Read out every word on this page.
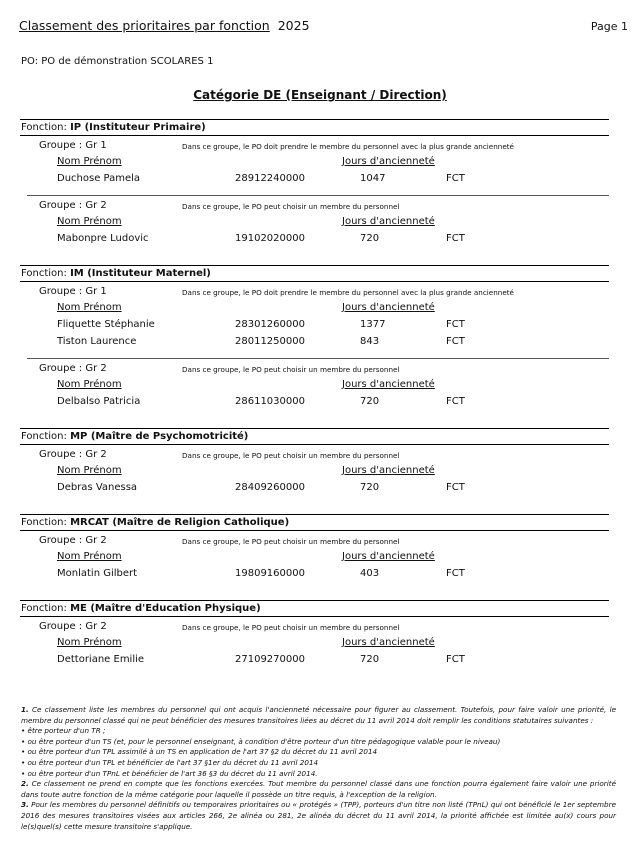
Classement des prioritaires par fonction 2025	Page 1
PO: PO de démonstration SCOLARES 1
Catégorie DE (Enseignant / Direction)
Fonction: IP (Instituteur Primaire)
Groupe : Gr 1	Dans ce groupe, le PO doit prendre le membre du personnel avec la plus grande ancienneté
Nom Prénom	Jours d'ancienneté
Duchose Pamela	28912240000	1047	FCT
Groupe : Gr 2	Dans ce groupe, le PO peut choisir un membre du personnel
Nom Prénom	Jours d'ancienneté
Mabonpre Ludovic	19102020000	720	FCT
Fonction: IM (Instituteur Maternel)
Groupe : Gr 1	Dans ce groupe, le PO doit prendre le membre du personnel avec la plus grande ancienneté
Nom Prénom	Jours d'ancienneté
Fliquette Stéphanie	28301260000	1377	FCT
Tiston Laurence	28011250000	843	FCT
Groupe : Gr 2	Dans ce groupe, le PO peut choisir un membre du personnel
Nom Prénom	Jours d'ancienneté
Delbalso Patricia	28611030000	720	FCT
Fonction: MP (Maître de Psychomotricité)
Groupe : Gr 2	Dans ce groupe, le PO peut choisir un membre du personnel
Nom Prénom	Jours d'ancienneté
Debras Vanessa	28409260000	720	FCT
Fonction: MRCAT (Maître de Religion Catholique)
Groupe : Gr 2	Dans ce groupe, le PO peut choisir un membre du personnel
Nom Prénom	Jours d'ancienneté
Monlatin Gilbert	19809160000	403	FCT
Fonction: ME (Maître d'Education Physique)
Groupe : Gr 2	Dans ce groupe, le PO peut choisir un membre du personnel
Nom Prénom	Jours d'ancienneté
Dettoriane Emilie	27109270000	720	FCT

1. Ce classement liste les membres du personnel qui ont acquis l'ancienneté nécessaire pour figurer au classement. Toutefois, pour faire valoir une priorité, le membre du personnel classé qui ne peut bénéficier des mesures transitoires liées au décret du 11 avril 2014 doit remplir les conditions statutaires suivantes :

• être porteur d'un TR ;

• ou être porteur d'un TS (et, pour le personnel enseignant, à condition d'être porteur d'un titre pédagogique valable pour le niveau)

• ou être porteur d'un TPL assimilé à un TS en application de l'art 37 §2 du décret du 11 avril 2014

• ou être porteur d'un TPL et bénéficier de l'art 37 §1er du décret du 11 avril 2014

• ou être porteur d'un TPnL et bénéficier de l'art 36 §3 du décret du 11 avril 2014.

2. Ce classement ne prend en compte que les fonctions exercées. Tout membre du personnel classé dans une fonction pourra également faire valoir une priorité dans toute autre fonction de la même catégorie pour laquelle il possède un titre requis, à l'exception de la religion.

3. Pour les membres du personnel définitifs ou temporaires prioritaires ou « protégés » (TPP), porteurs d'un titre non listé (TPnL) qui ont bénéficié le 1er septembre 2016 des mesures transitoires visées aux articles 266, 2e alinéa ou 281, 2e alinéa du décret du 11 avril 2014, la priorité affichée est limitée au(x) cours pour le(s)quel(s) cette mesure transitoire s'applique.
